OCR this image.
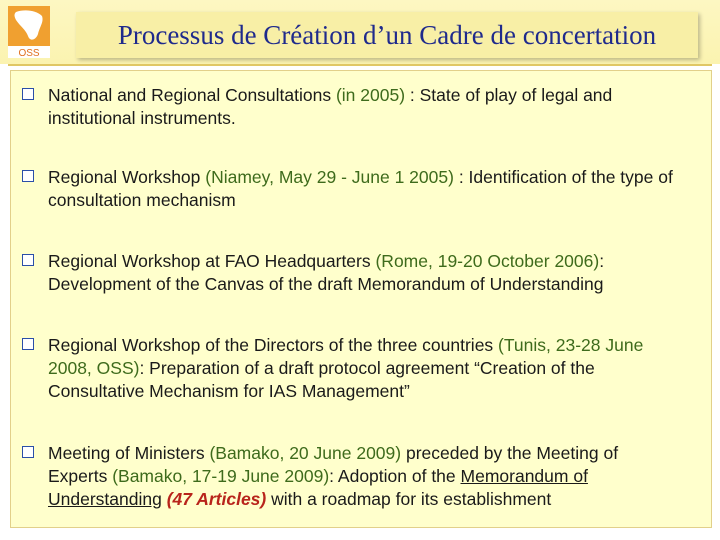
OSS
Processus de Création d’un Cadre de concertation
National and Regional Consultations (in 2005) : State of play of legal and institutional instruments.
Regional Workshop (Niamey, May 29 - June 1 2005) : Identification of the type of consultation mechanism
Regional Workshop at FAO Headquarters (Rome, 19-20 October 2006): Development of the Canvas of the draft Memorandum of Understanding
Regional Workshop of the Directors of the three countries (Tunis, 23-28 June 2008, OSS): Preparation of a draft protocol agreement “Creation of the Consultative Mechanism for IAS Management”
Meeting of Ministers (Bamako, 20 June 2009) preceded by the Meeting of Experts (Bamako, 17-19 June 2009): Adoption of the Memorandum of Understanding (47 Articles) with a roadmap for its establishment
